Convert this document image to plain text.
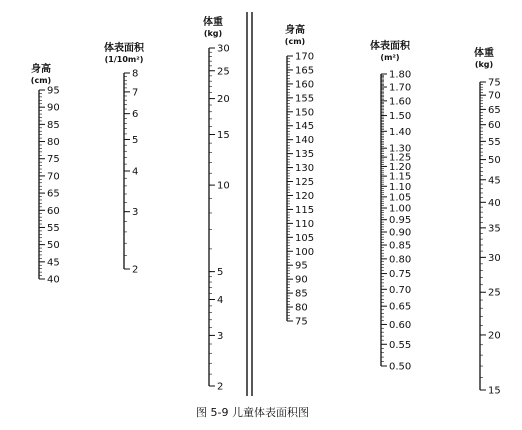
身高
(cm)
95
90
85
80
75
70
65
60
55
50
45
40
体表面积
(1/10m²)
8
7
6
5
4
3
2
体重
(kg)
30
25
20
15
10
5
4
3
2
身高
(cm)
170
165
160
155
150
145
140
135
130
125
120
115
110
105
100
95
90
85
80
75
体表面积
(m²)
1.80
1.70
1.60
1.50
1.40
1.30
1.25
1.20
1.15
1.10
1.05
1.00
0.95
0.90
0.85
0.80
0.75
0.70
0.65
0.60
0.55
0.50
体重
(kg)
75
70
65
60
55
50
45
40
35
30
25
20
15
图 5-9 儿童体表面积图
